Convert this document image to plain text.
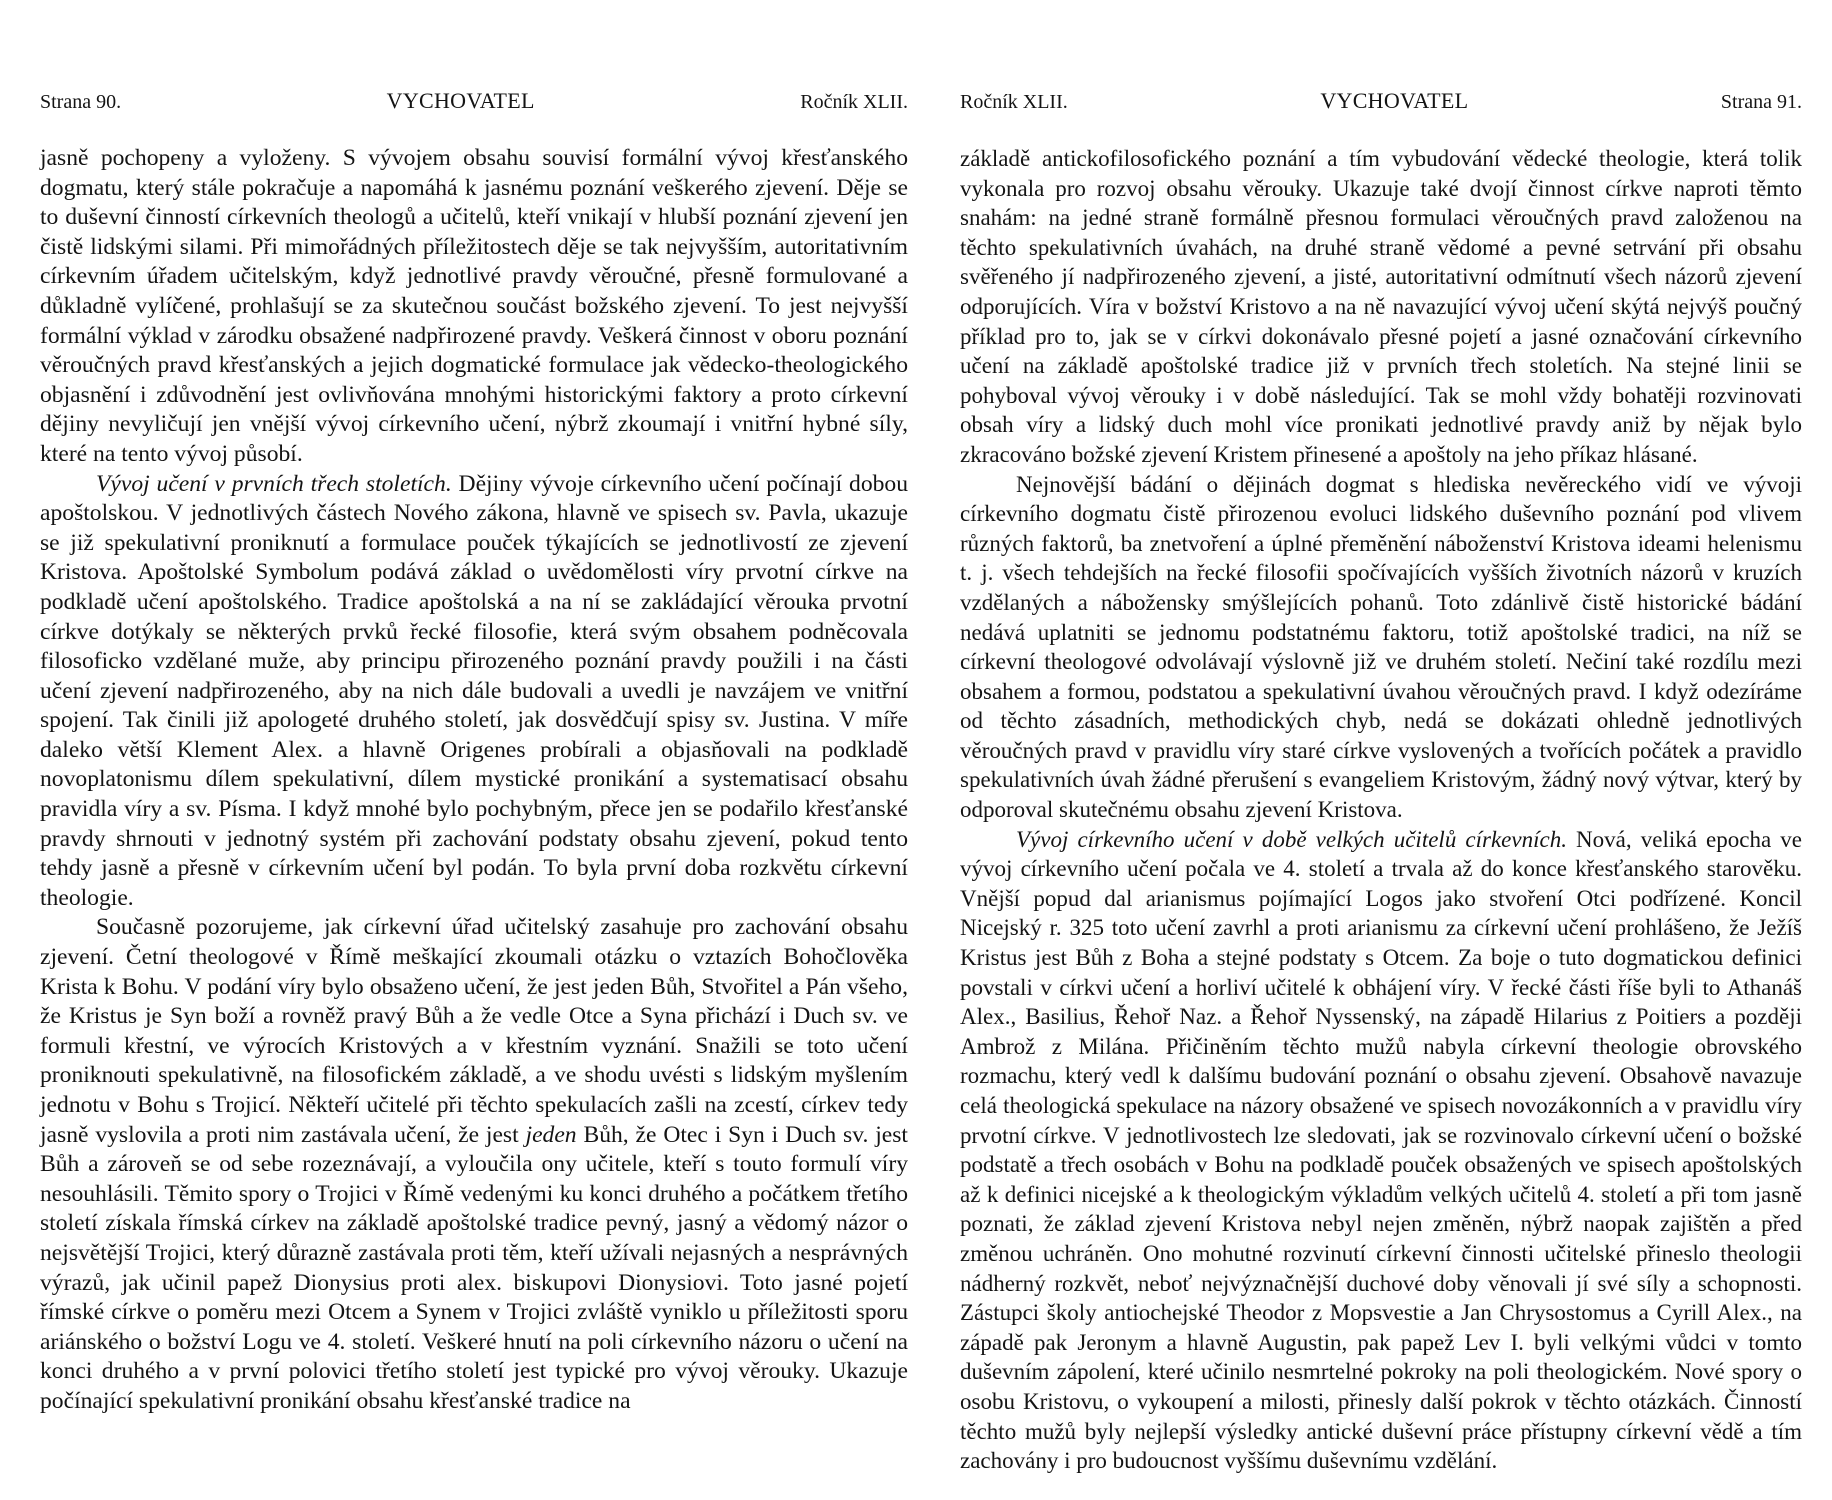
Strana 90.	VYCHOVATEL	Ročník XLII.

jasně pochopeny a vyloženy. S vývojem obsahu souvisí formální vývoj křesťanského dogmatu, který stále pokračuje a napomáhá k jasnému poznání veškerého zjevení. Děje se to duševní činností církevních theologů a učitelů, kteří vnikají v hlubší poznání zjevení jen čistě lidskými silami. Při mimořádných příležitostech děje se tak nejvyšším, autoritativním církevním úřadem učitelským, když jednotlivé pravdy věroučné, přesně formulované a důkladně vylíčené, prohlašují se za skutečnou součást božského zjevení. To jest nejvyšší formální výklad v zárodku obsažené nadpřirozené pravdy. Veškerá činnost v oboru poznání věroučných pravd křesťanských a jejich dogmatické formulace jak vědecko-theologického objasnění i zdůvodnění jest ovlivňována mnohými historickými faktory a proto církevní dějiny nevyličují jen vnější vývoj církevního učení, nýbrž zkoumají i vnitřní hybné síly, které na tento vývoj působí.

Vývoj učení v prvních třech stoletích. Dějiny vývoje církevního učení počínají dobou apoštolskou. V jednotlivých částech Nového zákona, hlavně ve spisech sv. Pavla, ukazuje se již spekulativní proniknutí a formulace pouček týkajících se jednotlivostí ze zjevení Kristova. Apoštolské Symbolum podává základ o uvědomělosti víry prvotní církve na podkladě učení apoštolského. Tradice apoštolská a na ní se zakládající věrouka prvotní církve dotýkaly se některých prvků řecké filosofie, která svým obsahem podněcovala filosoficko vzdělané muže, aby principu přirozeného poznání pravdy použili i na části učení zjevení nadpřirozeného, aby na nich dále budovali a uvedli je navzájem ve vnitřní spojení. Tak činili již apologeté druhého století, jak dosvědčují spisy sv. Justina. V míře daleko větší Klement Alex. a hlavně Origenes probírali a objasňovali na podkladě novoplatonismu dílem spekulativní, dílem mystické pronikání a systematisací obsahu pravidla víry a sv. Písma. I když mnohé bylo pochybným, přece jen se podařilo křesťanské pravdy shrnouti v jednotný systém při zachování podstaty obsahu zjevení, pokud tento tehdy jasně a přesně v církevním učení byl podán. To byla první doba rozkvětu církevní theologie.

Současně pozorujeme, jak církevní úřad učitelský zasahuje pro zachování obsahu zjevení. Četní theologové v Římě meškající zkoumali otázku o vztazích Bohočlověka Krista k Bohu. V podání víry bylo obsaženo učení, že jest jeden Bůh, Stvořitel a Pán všeho, že Kristus je Syn boží a rovněž pravý Bůh a že vedle Otce a Syna přichází i Duch sv. ve formuli křestní, ve výrocích Kristových a v křestním vyznání. Snažili se toto učení proniknouti spekulativně, na filosofickém základě, a ve shodu uvésti s lidským myšlením jednotu v Bohu s Trojicí. Někteří učitelé při těchto spekulacích zašli na zcestí, církev tedy jasně vyslovila a proti nim zastávala učení, že jest jeden Bůh, že Otec i Syn i Duch sv. jest Bůh a zároveň se od sebe rozeznávají, a vyloučila ony učitele, kteří s touto formulí víry nesouhlásili. Těmito spory o Trojici v Římě vedenými ku konci druhého a počátkem třetího století získala římská církev na základě apoštolské tradice pevný, jasný a vědomý názor o nejsvětější Trojici, který důrazně zastávala proti těm, kteří užívali nejasných a nesprávných výrazů, jak učinil papež Dionysius proti alex. biskupovi Dionysiovi. Toto jasné pojetí římské církve o poměru mezi Otcem a Synem v Trojici zvláště vyniklo u příležitosti sporu ariánského o božství Logu ve 4. století. Veškeré hnutí na poli církevního názoru o učení na konci druhého a v první polovici třetího století jest typické pro vývoj věrouky. Ukazuje počínající spekulativní pronikání obsahu křesťanské tradice na

Ročník XLII.	VYCHOVATEL	Strana 91.

základě antickofilosofického poznání a tím vybudování vědecké theologie, která tolik vykonala pro rozvoj obsahu věrouky. Ukazuje také dvojí činnost církve naproti těmto snahám: na jedné straně formálně přesnou formulaci věroučných pravd založenou na těchto spekulativních úvahách, na druhé straně vědomé a pevné setrvání při obsahu svěřeného jí nadpřirozeného zjevení, a jisté, autoritativní odmítnutí všech názorů zjevení odporujících. Víra v božství Kristovo a na ně navazující vývoj učení skýtá nejvýš poučný příklad pro to, jak se v církvi dokonávalo přesné pojetí a jasné označování církevního učení na základě apoštolské tradice již v prvních třech stoletích. Na stejné linii se pohyboval vývoj věrouky i v době následující. Tak se mohl vždy bohatěji rozvinovati obsah víry a lidský duch mohl více pronikati jednotlivé pravdy aniž by nějak bylo zkracováno božské zjevení Kristem přinesené a apoštoly na jeho příkaz hlásané.

Nejnovější bádání o dějinách dogmat s hlediska nevěreckého vidí ve vývoji církevního dogmatu čistě přirozenou evoluci lidského duševního poznání pod vlivem různých faktorů, ba znetvoření a úplné přeměnění náboženství Kristova ideami helenismu t. j. všech tehdejších na řecké filosofii spočívajících vyšších životních názorů v kruzích vzdělaných a nábožensky smýšlejících pohanů. Toto zdánlivě čistě historické bádání nedává uplatniti se jednomu podstatnému faktoru, totiž apoštolské tradici, na níž se církevní theologové odvolávají výslovně již ve druhém století. Nečiní také rozdílu mezi obsahem a formou, podstatou a spekulativní úvahou věroučných pravd. I když odezíráme od těchto zásadních, methodických chyb, nedá se dokázati ohledně jednotlivých věroučných pravd v pravidlu víry staré církve vyslovených a tvořících počátek a pravidlo spekulativních úvah žádné přerušení s evangeliem Kristovým, žádný nový výtvar, který by odporoval skutečnému obsahu zjevení Kristova.

Vývoj církevního učení v době velkých učitelů církevních. Nová, veliká epocha ve vývoj církevního učení počala ve 4. století a trvala až do konce křesťanského starověku. Vnější popud dal arianismus pojímající Logos jako stvoření Otci podřízené. Koncil Nicejský r. 325 toto učení zavrhl a proti arianismu za církevní učení prohlášeno, že Ježíš Kristus jest Bůh z Boha a stejné podstaty s Otcem. Za boje o tuto dogmatickou definici povstali v církvi učení a horliví učitelé k obhájení víry. V řecké části říše byli to Athanáš Alex., Basilius, Řehoř Naz. a Řehoř Nyssenský, na západě Hilarius z Poitiers a později Ambrož z Milána. Přičiněním těchto mužů nabyla církevní theologie obrovského rozmachu, který vedl k dalšímu budování poznání o obsahu zjevení. Obsahově navazuje celá theologická spekulace na názory obsažené ve spisech novozákonních a v pravidlu víry prvotní církve. V jednotlivostech lze sledovati, jak se rozvinovalo církevní učení o božské podstatě a třech osobách v Bohu na podkladě pouček obsažených ve spisech apoštolských až k definici nicejské a k theologickým výkladům velkých učitelů 4. století a při tom jasně poznati, že základ zjevení Kristova nebyl nejen změněn, nýbrž naopak zajištěn a před změnou uchráněn. Ono mohutné rozvinutí církevní činnosti učitelské přineslo theologii nádherný rozkvět, neboť nejvýznačnější duchové doby věnovali jí své síly a schopnosti. Zástupci školy antiochejské Theodor z Mopsvestie a Jan Chrysostomus a Cyrill Alex., na západě pak Jeronym a hlavně Augustin, pak papež Lev I. byli velkými vůdci v tomto duševním zápolení, které učinilo nesmrtelné pokroky na poli theologickém. Nové spory o osobu Kristovu, o vykoupení a milosti, přinesly další pokrok v těchto otázkách. Činností těchto mužů byly nejlepší výsledky antické duševní práce přístupny církevní vědě a tím zachovány i pro budoucnost vyššímu duševnímu vzdělání.
